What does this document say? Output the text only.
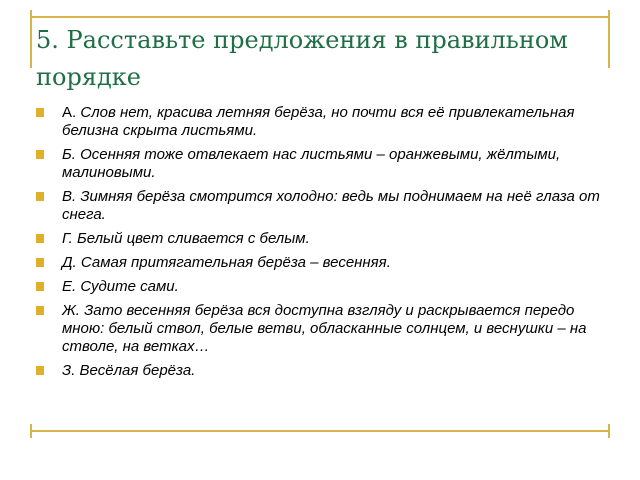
5. Расставьте предложения в правильном порядке
А. Слов нет, красива летняя берёза, но почти вся её привлекательная белизна скрыта листьями.
Б. Осенняя тоже отвлекает нас листьями – оранжевыми, жёлтыми, малиновыми.
В. Зимняя берёза смотрится холодно: ведь мы поднимаем на неё глаза от снега.
Г. Белый цвет сливается с белым.
Д. Самая притягательная берёза – весенняя.
Е. Судите сами.
Ж. Зато весенняя берёза вся доступна взгляду и раскрывается передо мною: белый ствол, белые ветви, обласканные солнцем, и веснушки – на стволе, на ветках…
З. Весёлая берёза.
